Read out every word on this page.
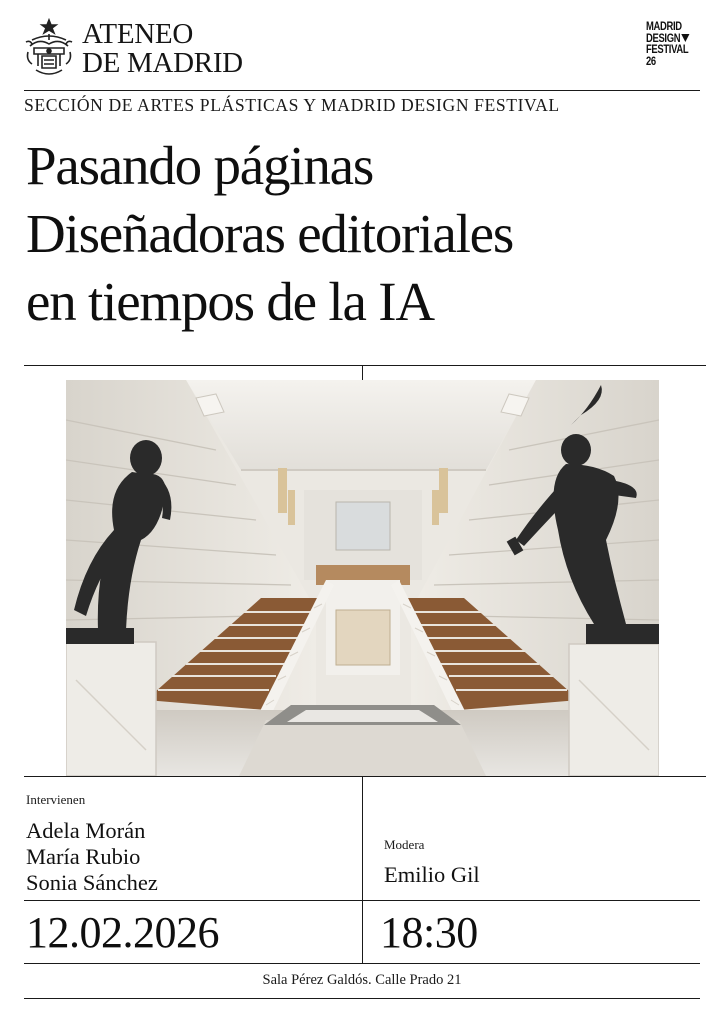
ATENEO
DE MADRID
MADRID
DESIGN
FESTIVAL
26
SECCIÓN DE ARTES PLÁSTICAS Y MADRID DESIGN FESTIVAL
Pasando páginas
Diseñadoras editoriales
en tiempos de la IA
Intervienen
Adela Morán
María Rubio
Sonia Sánchez
Modera
Emilio Gil
12.02.2026	18:30
Sala Pérez Galdós. Calle Prado 21
